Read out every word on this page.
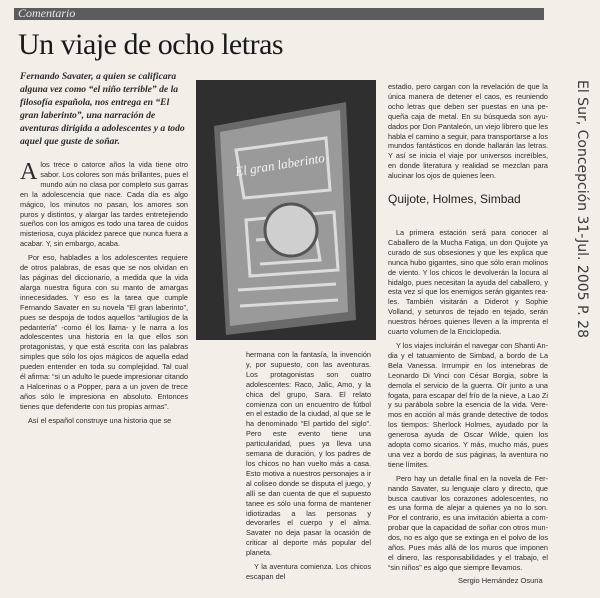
Comentario
Un viaje de ocho letras
Fernando Savater, a quien se calificara alguna vez como “el niño terrible” de la filosofía española, nos entrega en “El gran laberinto”, una narración de aventuras dirigida a adolescentes y a todo aquel que guste de soñar.

Alos trece o catorce años la vida tiene otro sabor. Los colores son más brillantes, pues el mundo aún no clasa por completo sus garras en la adolescencia que nace. Cada día es algo mágico, los minutos no pasan, los amores son puros y distintos, y alargar las tardes entretejiendo sueños con los amigos es todo una tarea de cuidos misteriosa, cuya plácidez parece que nunca fuera a acabar. Y, sin embargo, acaba.

Por eso, habladles a los adolescentes requiere de otros palabras, de esas que se nos olvidan en las páginas del diccionario, a medida que la vida alarga nuestra figura con su manto de amargas innecesidades. Y eso es la tarea que cumple Fernando Savater en su novela “El gran laberinto”, pues se despoja de todos aquellos “artilugios de la pedantería” -como él los llama- y le narra a los adolescentes una historia en la que ellos son protagonistas, y que está escrita con las palabras simples que sólo los ojos mágicos de aquella edad pueden entender en toda su complejidad. Tal cual él afirma: “si un adulto le puede impresionar citando a Halcerinas o a Popper, para a un joven de trece años sólo le impresiona en absoluto. Entonces tienes que defenderte con tus propias armas”.

Así el español construye una historia que se

El gran laberinto

hermana con la fantasía, la invención y, por supuesto, con las aventuras. Los protagonistas son cuatro adolescentes: Raco, Jalic, Amo, y la chica del grupo, Sara. El relato comienza con un encuentro de fútbol en el estadio de la ciudad, al que se le ha denominado “El partido del siglo”. Pero este evento tiene una particularidad, pues ya lleva una semana de duración, y los padres de los chicos no han vuelto más a casa. Esto motiva a nuestros personajes a ir al coliseo donde se disputa el juego, y allí se dan cuenta de que el supuesto tanee es sólo una forma de mantener idiotizadas a las personas y devorarles el cuerpo y el alma. Savater no deja pasar la ocasión de criticar al deporte más popular del planeta.

Y la aventura comienza. Los chicos escapan del

estadio, pero cargan con la revelación de que la única manera de detener el caos, es reuniendo ocho letras que deben ser puestas en una pequeña caja de metal. En su búsqueda son ayudados por Don Pantaleón, un viejo librero que les habla el camino a seguir, para transportarse a los mundos fantásticos en donde hallarán las letras. Y así se inicia el viaje por universos increíbles, en donde literatura y realidad se mezclan para alucinar los ojos de quienes leen.

Quijote, Holmes, Simbad

La primera estación será para conocer al Caballero de la Mucha Fatiga, un don Quijote ya curado de sus obsesiones y que les explica que nunca hubo gigantes, sino que sólo eran molinos de viento. Y los chicos le devolverán la locura al hidalgo, pues necesitan la ayuda del caballero, y esta vez sí que los enemigos serán gigantes reales. También visitarán a Diderot y Sophie Volland, y setunros de tejado en tejado, serán nuestros héroes quienes lleven a la imprenta el cuarto volumen de la Enciclopedia.

Y los viajes incluirán el navegar con Shanti Andia y el tatuamiento de Simbad, a bordo de La Bela Vanessa. Irrrumpir en los intenebras de Leonardo Di Vinci con César Borgia, sobre la demola el servicio de la guerra. Oír junto a una fogata, para escapar del frío de la nieve, a Lao Zi y su parábola sobre la esencia de la vida. Veremos en acción al más grande detective de todos los tiempos: Sherlock Holmes, ayudado por la generosa ayuda de Oscar Wilde, quien los adopta como sicarios. Y más, mucho más, pues una vez a bordo de sus páginas, la aventura no tiene límites.

Pero hay un detalle final en la novela de Fernando Savater, su lenguaje claro y directo, que busca cautivar los corazones adolescentes, no es una forma de alejar a quienes ya no lo son. Por el contrario, es una invitación abierta a comprobar que la capacidad de soñar con otros mundos, no es algo que se extinga en el polvo de los años. Pues más allá de los muros que imponen el dinero, las responsabilidades y el trabajo, el “sin niños” es algo que siempre llevamos.

Sergio Hernández Osuna
El Sur, Concepción 31-Jul. 2005 P. 28
